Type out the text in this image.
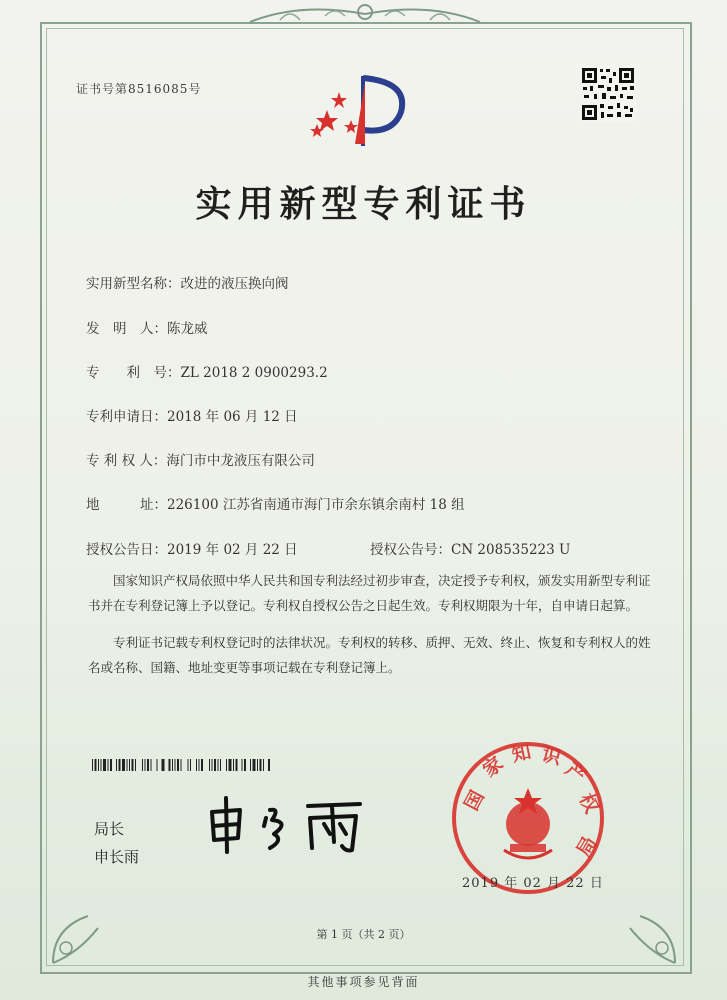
证书号第8516085号
实用新型专利证书
实用新型名称：改进的液压换向阀
发　明　人：陈龙威
专　　利　号：ZL 2018 2 0900293.2
专利申请日：2018 年 06 月 12 日
专 利 权 人：海门市中龙液压有限公司
地　　　址：226100 江苏省南通市海门市余东镇余南村 18 组
授权公告日：2019 年 02 月 22 日	授权公告号：CN 208535223 U
国家知识产权局依照中华人民共和国专利法经过初步审查，决定授予专利权，颁发实用新型专利证书并在专利登记簿上予以登记。专利权自授权公告之日起生效。专利权期限为十年，自申请日起算。
专利证书记载专利权登记时的法律状况。专利权的转移、质押、无效、终止、恢复和专利权人的姓名或名称、国籍、地址变更等事项记载在专利登记簿上。
局长
申长雨
国
家 知 识
产
权
局
2019 年 02 月 22 日
第 1 页（共 2 页）
其他事项参见背面
